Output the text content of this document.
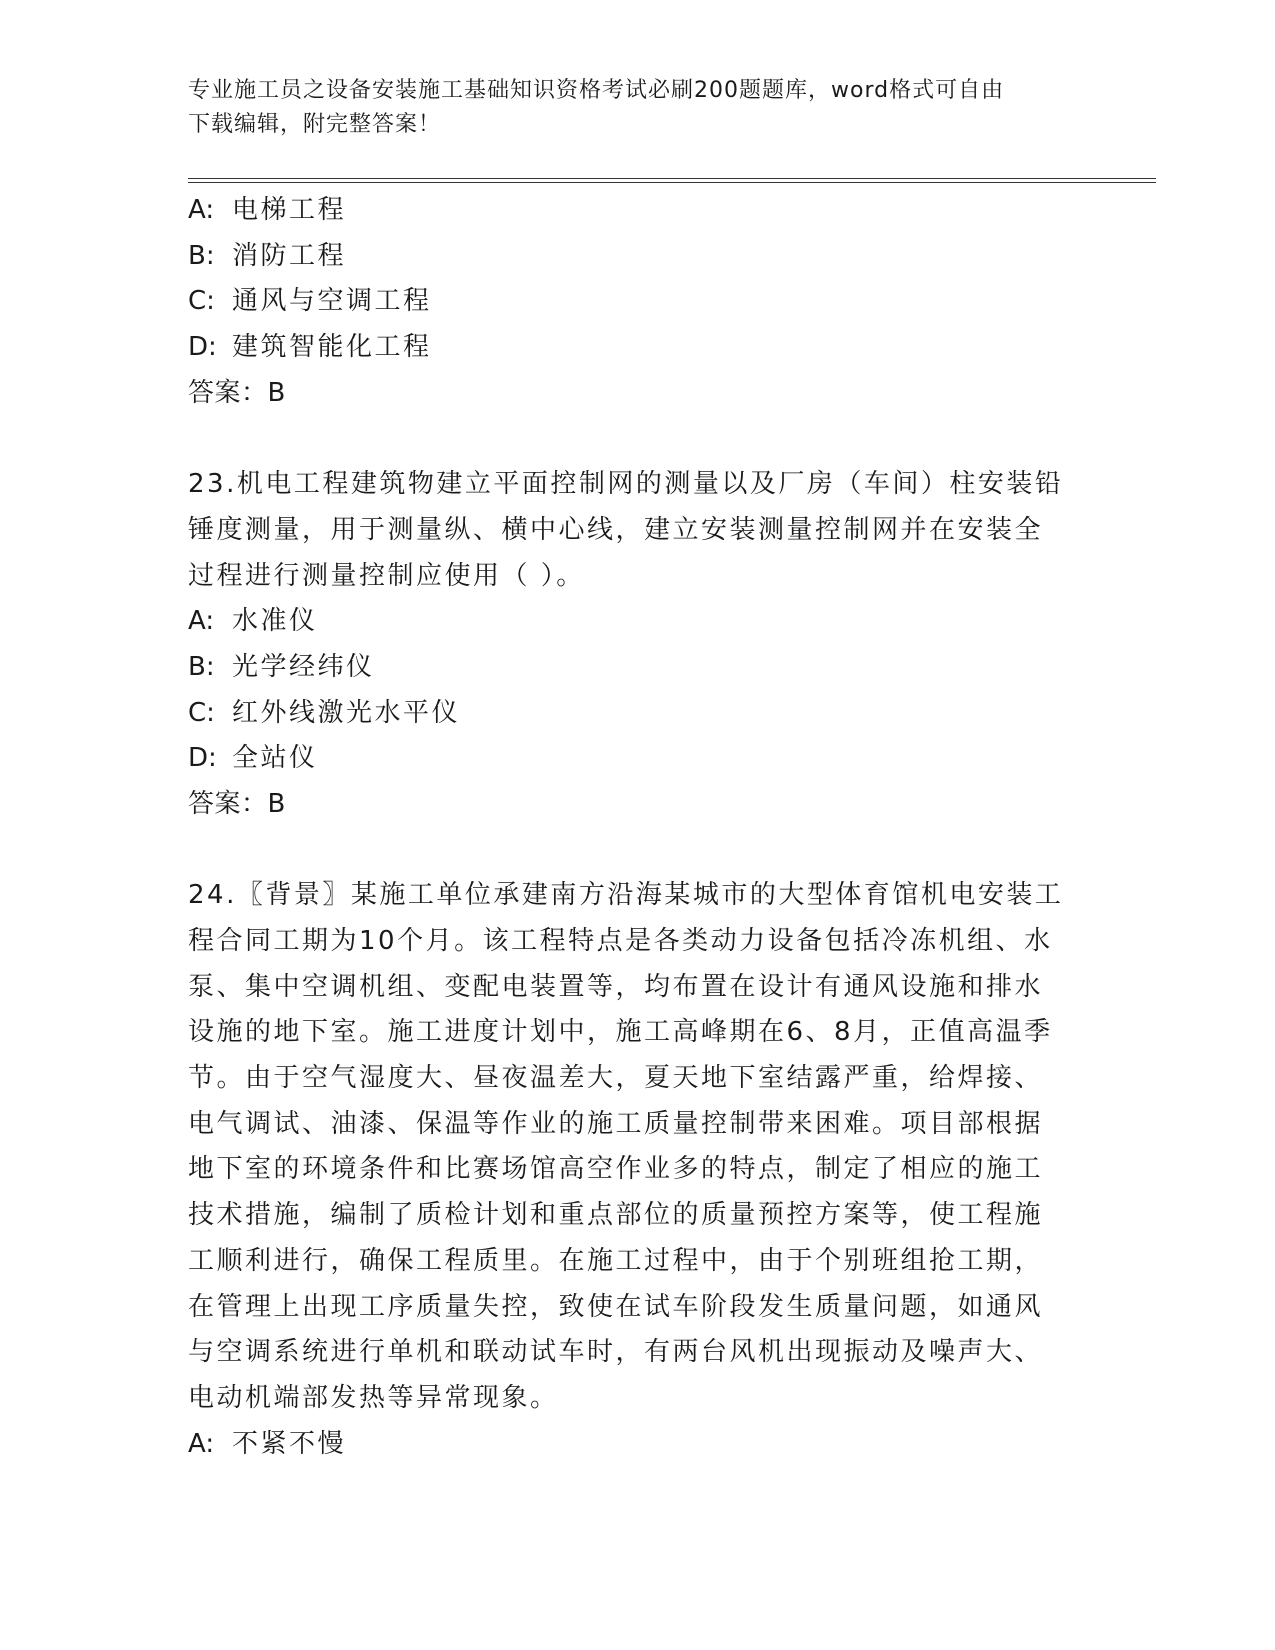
专业施工员之设备安装施工基础知识资格考试必刷200题题库，word格式可自由
下载编辑，附完整答案！
A: 电梯工程
B: 消防工程
C: 通风与空调工程
D: 建筑智能化工程
答案：B
23.机电工程建筑物建立平面控制网的测量以及厂房（车间）柱安装铅
锤度测量，用于测量纵、横中心线，建立安装测量控制网并在安装全
过程进行测量控制应使用（ ）。
A: 水准仪
B: 光学经纬仪
C: 红外线激光水平仪
D: 全站仪
答案：B
24.〖背景〗某施工单位承建南方沿海某城市的大型体育馆机电安装工
程合同工期为10个月。该工程特点是各类动力设备包括冷冻机组、水
泵、集中空调机组、变配电装置等，均布置在设计有通风设施和排水
设施的地下室。施工进度计划中，施工高峰期在6、8月，正值高温季
节。由于空气湿度大、昼夜温差大，夏天地下室结露严重，给焊接、
电气调试、油漆、保温等作业的施工质量控制带来困难。项目部根据
地下室的环境条件和比赛场馆高空作业多的特点，制定了相应的施工
技术措施，编制了质检计划和重点部位的质量预控方案等，使工程施
工顺利进行，确保工程质里。在施工过程中，由于个别班组抢工期，
在管理上出现工序质量失控，致使在试车阶段发生质量问题，如通风
与空调系统进行单机和联动试车时，有两台风机出现振动及噪声大、
电动机端部发热等异常现象。
A: 不紧不慢
